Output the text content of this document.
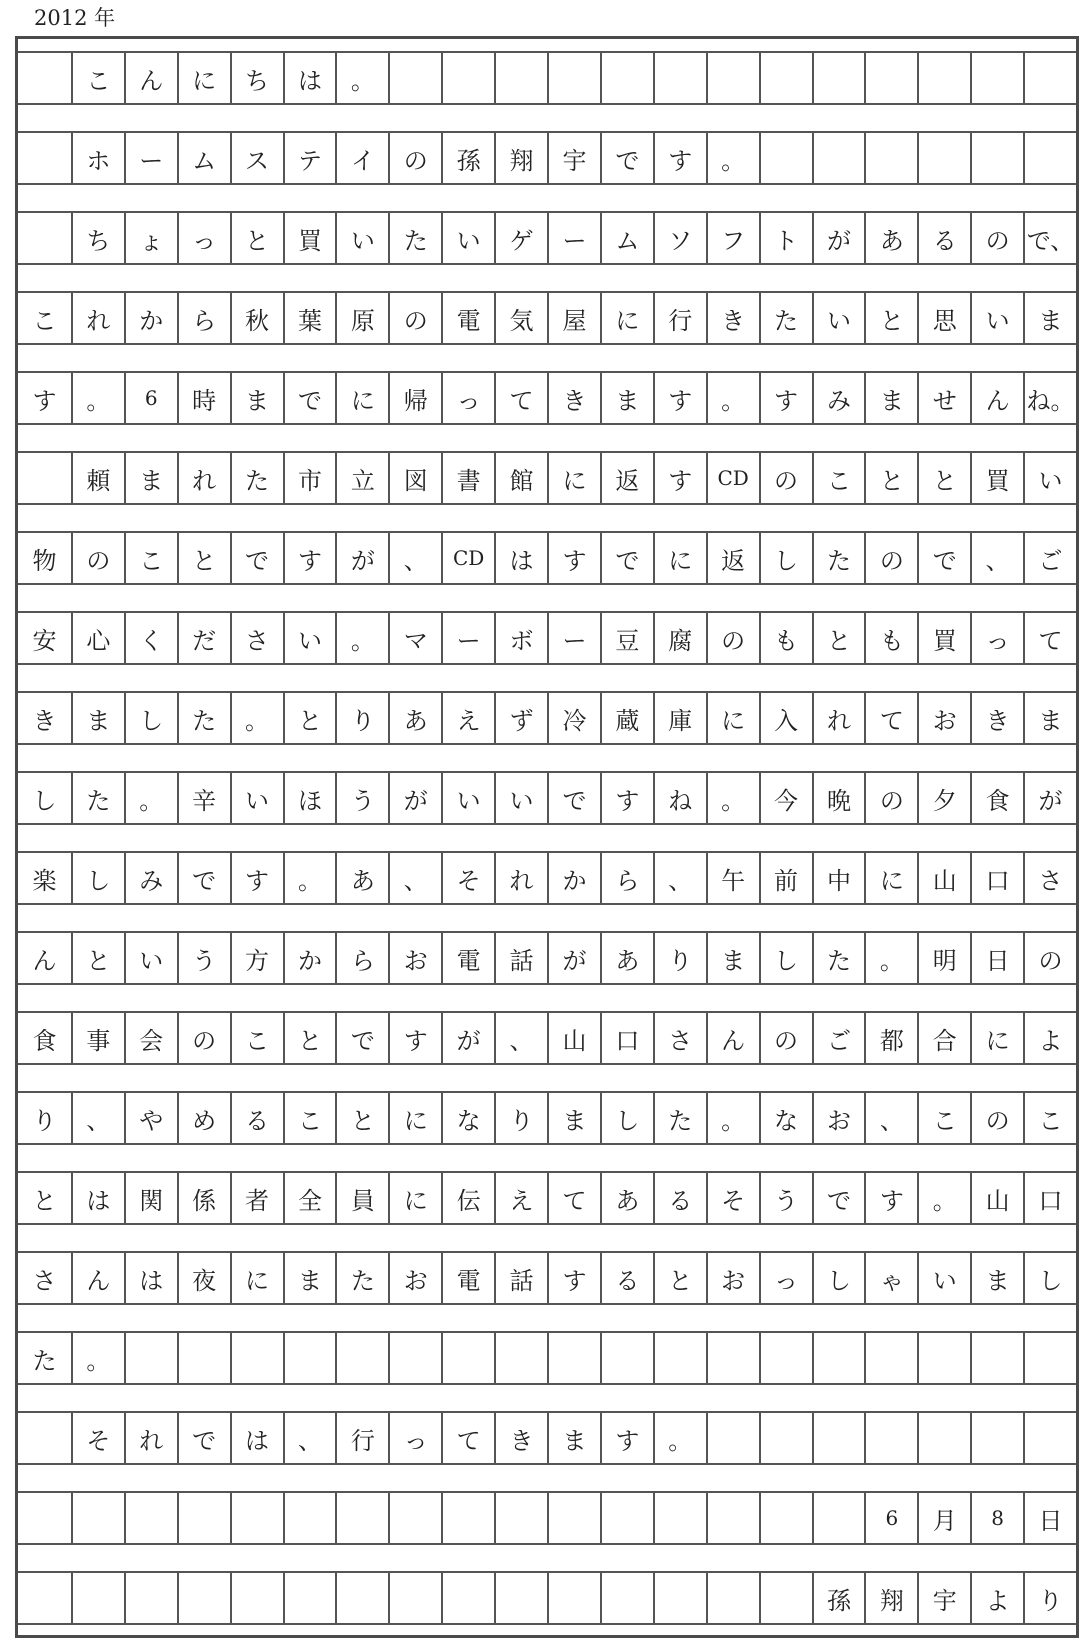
2012 年
こ	ん	に	ち	は	。
ホ	ー	ム	ス	テ	イ	の	孫	翔	宇	で	す	。
ち	ょ	っ	と	買	い	た	い	ゲ	ー	ム	ソ	フ	ト	が	あ	る	の で、
こ	れ	か	ら	秋	葉	原	の	電	気	屋	に	行	き	た	い	と	思	い	ま
す	。	6	時	ま	で	に	帰	っ	て	き	ま	す	。	す	み	ま	せ	ん ね。
頼	ま	れ	た	市	立	図	書	館	に	返	す	CD	の	こ	と	と	買	い
物	の	こ	と	で	す	が	、	CD	は	す	で	に	返	し	た	の	で	、	ご
安	心	く	だ	さ	い	。	マ	ー	ボ	ー	豆	腐	の	も	と	も	買	っ	て
き	ま	し	た	。	と	り	あ	え	ず	冷	蔵	庫	に	入	れ	て	お	き	ま
し	た	。	辛	い	ほ	う	が	い	い	で	す	ね	。	今	晩	の	夕	食	が
楽	し	み	で	す	。	あ	、	そ	れ	か	ら	、	午	前	中	に	山	口	さ
ん	と	い	う	方	か	ら	お	電	話	が	あ	り	ま	し	た	。	明	日	の
食	事	会	の	こ	と	で	す	が	、	山	口	さ	ん	の	ご	都	合	に	よ
り	、	や	め	る	こ	と	に	な	り	ま	し	た	。	な	お	、	こ	の	こ
と	は	関	係	者	全	員	に	伝	え	て	あ	る	そ	う	で	す	。	山	口
さ	ん	は	夜	に	ま	た	お	電	話	す	る	と	お	っ	し	ゃ	い	ま	し
た	。
そ	れ	で	は	、	行	っ	て	き	ま	す	。
6	月	8	日
孫	翔	宇	よ	り
